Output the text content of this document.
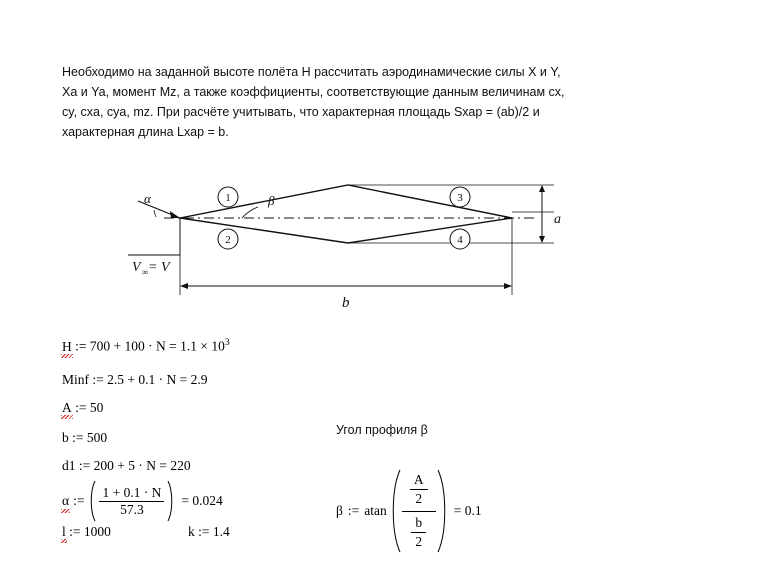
Необходимо на заданной высоте полёта H рассчитать аэродинамические силы X и Y,
Xa и Ya, момент Mz, а также коэффициенты, соответствующие данным величинам cx,
cy, cxa, cya, mz. При расчёте учитывать, что характерная площадь Sхар = (ab)/2 и
характерная длина Lхар = b.
1
2
3
4
β
α
V ∞ = V
a
b
H := $700 + 100 \cdot N = 1.1 \times 10^3$
Minf := 2.5 + 0.1 · N = 2.9
A := 50
b := 500
d1 := 200 + 5 · N = 220
α := $\frac{1 + 0.1 \cdot N}{57.3} = 0.024$
l := 1000	k := 1.4
Угол профиля β
β := atan
$\frac{A}{2}$
$\frac{b}{2}$
= 0.1
